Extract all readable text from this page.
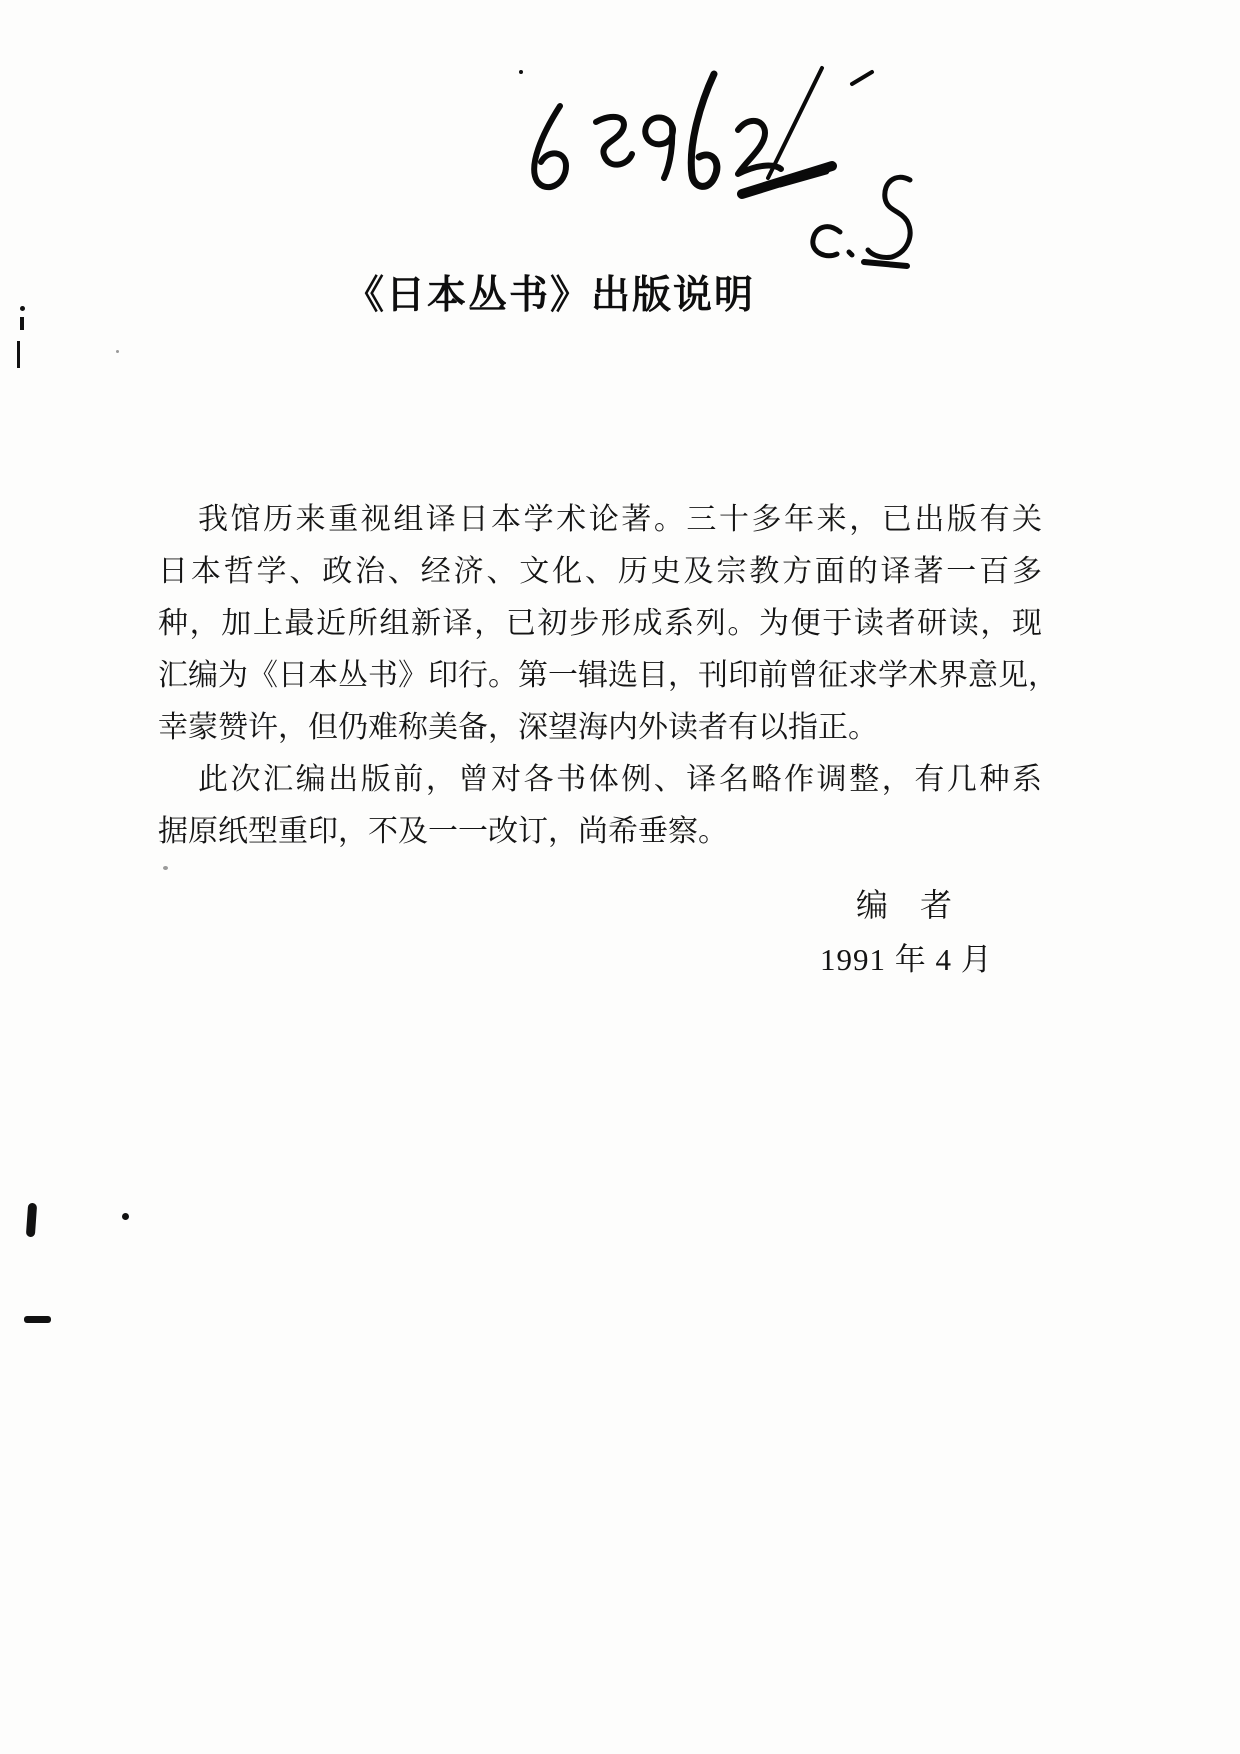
《日本丛书》出版说明
我馆历来重视组译日本学术论著。三十多年来，已出版有关
日本哲学、政治、经济、文化、历史及宗教方面的译著一百多
种，加上最近所组新译，已初步形成系列。为便于读者研读，现
汇编为《日本丛书》印行。第一辑选目，刊印前曾征求学术界意见，
幸蒙赞许，但仍难称美备，深望海内外读者有以指正。
此次汇编出版前，曾对各书体例、译名略作调整，有几种系
据原纸型重印，不及一一改订，尚希垂察。
编　者
1991 年 4 月
